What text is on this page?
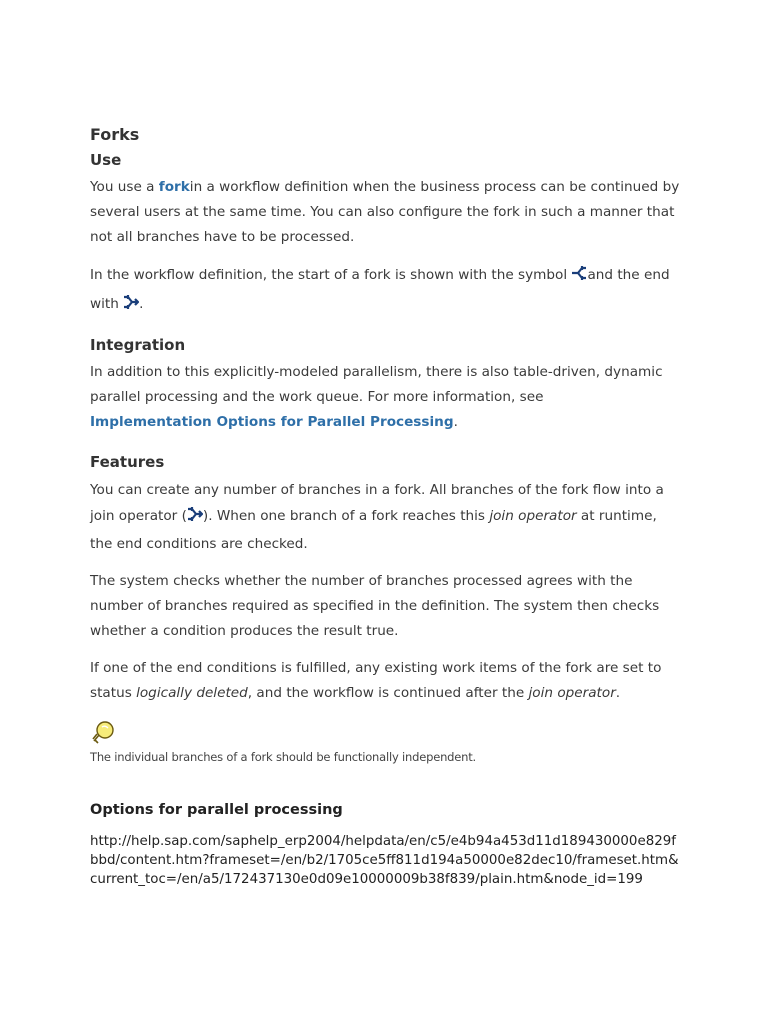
Forks
Use

You use a forkin a workflow definition when the business process can be continued by several users at the same time. You can also configure the fork in such a manner that not all branches have to be processed.

In the workflow definition, the start of a fork is shown with the symbol and the end with .

Integration

In addition to this explicitly-modeled parallelism, there is also table-driven, dynamic parallel processing and the work queue. For more information, see
Implementation Options for Parallel Processing.

Features

You can create any number of branches in a fork. All branches of the fork flow into a join operator ( ). When one branch of a fork reaches this join operator at runtime, the end conditions are checked.

The system checks whether the number of branches processed agrees with the number of branches required as specified in the definition. The system then checks whether a condition produces the result true.

If one of the end conditions is fulfilled, any existing work items of the fork are set to status logically deleted, and the workflow is continued after the join operator.

The individual branches of a fork should be functionally independent.
Options for parallel processing

http://help.sap.com/saphelp_erp2004/helpdata/en/c5/e4b94a453d11d189430000e829fbbd/content.htm?frameset=/en/b2/1705ce5ff811d194a50000e82dec10/frameset.htm&current_toc=/en/a5/172437130e0d09e10000009b38f839/plain.htm&node_id=199
